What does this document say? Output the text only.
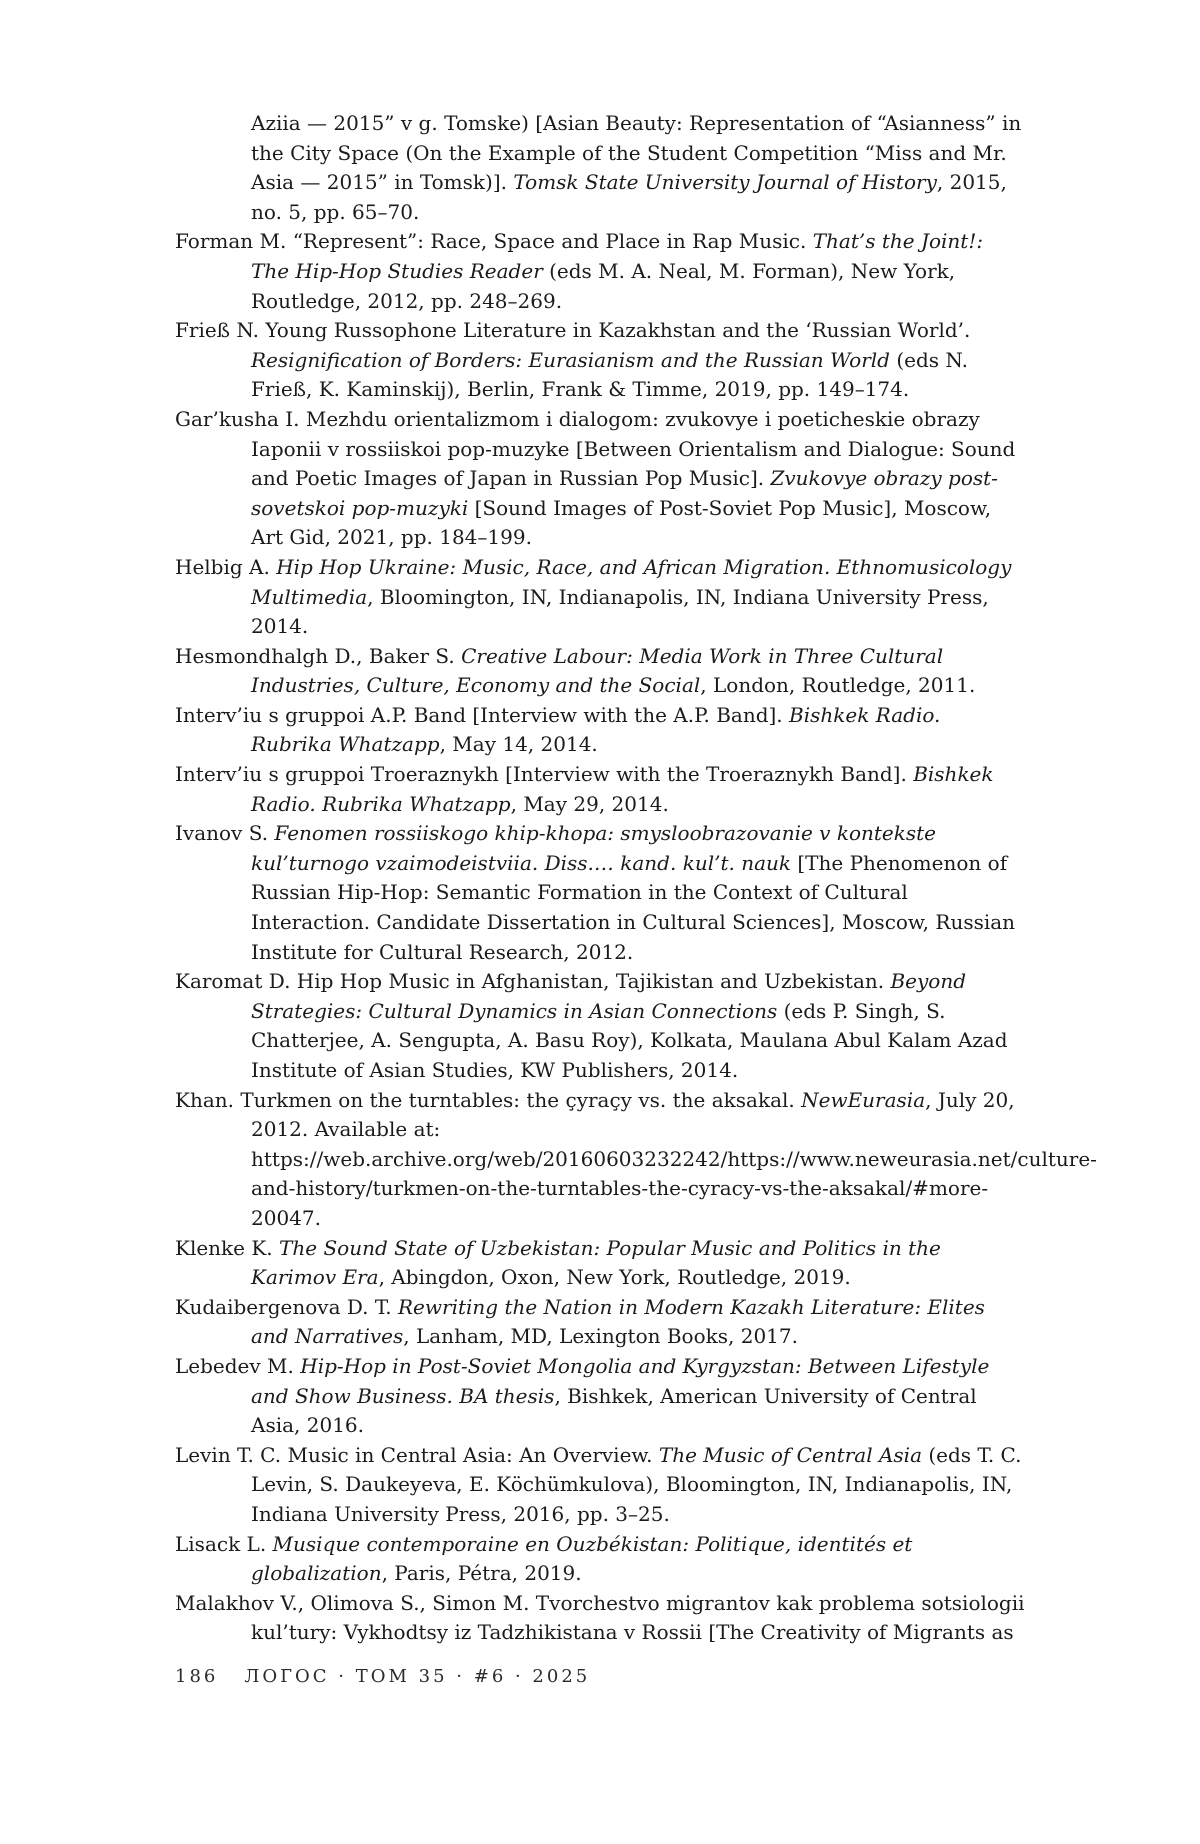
Aziia — 2015” v g. Tomske) [Asian Beauty: Representation of “Asianness” in the City Space (On the Example of the Student Competition “Miss and Mr. Asia — 2015” in Tomsk)]. Tomsk State University Journal of History, 2015, no. 5, pp. 65–70.

Forman M. “Represent”: Race, Space and Place in Rap Music. That’s the Joint!: The Hip-Hop Studies Reader (eds M. A. Neal, M. Forman), New York, Routledge, 2012, pp. 248–269.

Frieß N. Young Russophone Literature in Kazakhstan and the ‘Russian World’. Resignification of Borders: Eurasianism and the Russian World (eds N. Frieß, K. Kaminskij), Berlin, Frank & Timme, 2019, pp. 149–174.

Gar’kusha I. Mezhdu orientalizmom i dialogom: zvukovye i poeticheskie obrazy Iaponii v rossiiskoi pop-muzyke [Between Orientalism and Dialogue: Sound and Poetic Images of Japan in Russian Pop Music]. Zvukovye obrazy post-sovetskoi pop-muzyki [Sound Images of Post-Soviet Pop Music], Moscow, Art Gid, 2021, pp. 184–199.

Helbig A. Hip Hop Ukraine: Music, Race, and African Migration. Ethnomusicology Multimedia, Bloomington, IN, Indianapolis, IN, Indiana University Press, 2014.

Hesmondhalgh D., Baker S. Creative Labour: Media Work in Three Cultural Industries, Culture, Economy and the Social, London, Routledge, 2011.

Interv’iu s gruppoi A.P. Band [Interview with the A.P. Band]. Bishkek Radio. Rubrika Whatzapp, May 14, 2014.

Interv’iu s gruppoi Troeraznykh [Interview with the Troeraznykh Band]. Bishkek Radio. Rubrika Whatzapp, May 29, 2014.

Ivanov S. Fenomen rossiiskogo khip-khopa: smysloobrazovanie v kontekste kul’turnogo vzaimodeistviia. Diss.… kand. kul’t. nauk [The Phenomenon of Russian Hip-Hop: Semantic Formation in the Context of Cultural Interaction. Candidate Dissertation in Cultural Sciences], Moscow, Russian Institute for Cultural Research, 2012.

Karomat D. Hip Hop Music in Afghanistan, Tajikistan and Uzbekistan. Beyond Strategies: Cultural Dynamics in Asian Connections (eds P. Singh, S. Chatterjee, A. Sengupta, A. Basu Roy), Kolkata, Maulana Abul Kalam Azad Institute of Asian Studies, KW Publishers, 2014.

Khan. Turkmen on the turntables: the çyraçy vs. the aksakal. NewEurasia, July 20, 2012. Available at: https://web.archive.org/web/20160603232242/https://www.neweurasia.net/culture-and-history/turkmen-on-the-turntables-the-cyracy-vs-the-aksakal/#more-20047.

Klenke K. The Sound State of Uzbekistan: Popular Music and Politics in the Karimov Era, Abingdon, Oxon, New York, Routledge, 2019.

Kudaibergenova D. T. Rewriting the Nation in Modern Kazakh Literature: Elites and Narratives, Lanham, MD, Lexington Books, 2017.

Lebedev M. Hip-Hop in Post-Soviet Mongolia and Kyrgyzstan: Between Lifestyle and Show Business. BA thesis, Bishkek, American University of Central Asia, 2016.

Levin T. C. Music in Central Asia: An Overview. The Music of Central Asia (eds T. C. Levin, S. Daukeyeva, E. Köchümkulova), Bloomington, IN, Indianapolis, IN, Indiana University Press, 2016, pp. 3–25.

Lisack L. Musique contemporaine en Ouzbékistan: Politique, identités et globalization, Paris, Pétra, 2019.

Malakhov V., Olimova S., Simon M. Tvorchestvo migrantov kak problema sotsiologii kul’tury: Vykhodtsy iz Tadzhikistana v Rossii [The Creativity of Migrants as

186 ЛОГОС · ТОМ 35 · #6 · 2025
